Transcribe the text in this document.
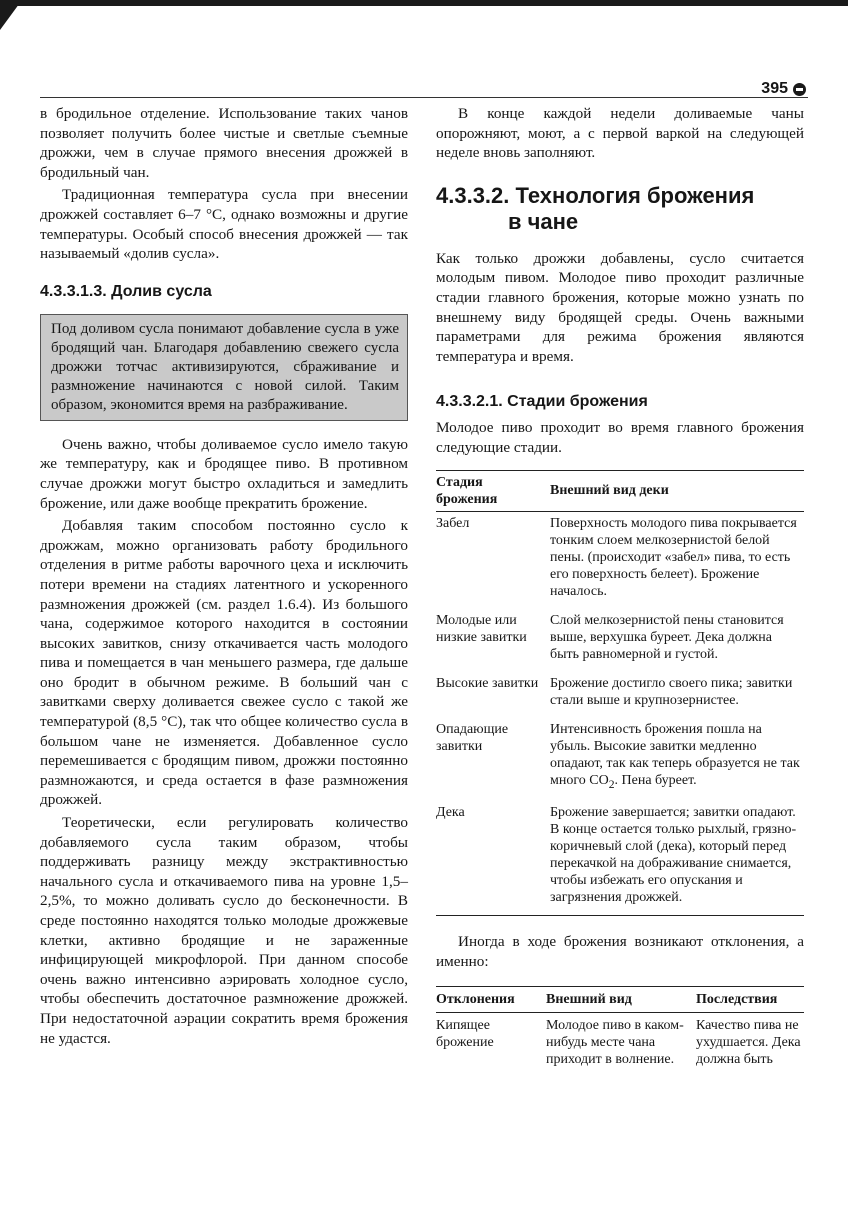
395

в бродильное отделение. Использование таких чанов позволяет получить более чистые и светлые съемные дрожжи, чем в случае прямого внесения дрожжей в бродильный чан.

Традиционная температура сусла при внесении дрожжей составляет 6–7 °С, однако возможны и другие температуры. Особый способ внесения дрожжей — так называемый «долив сусла».

4.3.3.1.3. Долив сусла

Под доливом сусла понимают добавление сусла в уже бродящий чан. Благодаря добавлению свежего сусла дрожжи тотчас активизируются, сбраживание и размножение начинаются с новой силой. Таким образом, экономится время на разбраживание.

Очень важно, чтобы доливаемое сусло имело такую же температуру, как и бродящее пиво. В противном случае дрожжи могут быстро охладиться и замедлить брожение, или даже вообще прекратить брожение.

Добавляя таким способом постоянно сусло к дрожжам, можно организовать работу бродильного отделения в ритме работы варочного цеха и исключить потери времени на стадиях латентного и ускоренного размножения дрожжей (см. раздел 1.6.4). Из большого чана, содержимое которого находится в состоянии высоких завитков, снизу откачивается часть молодого пива и помещается в чан меньшего размера, где дальше оно бродит в обычном режиме. В больший чан с завитками сверху доливается свежее сусло с такой же температурой (8,5 °С), так что общее количество сусла в большом чане не изменяется. Добавленное сусло перемешивается с бродящим пивом, дрожжи постоянно размножаются, и среда остается в фазе размножения дрожжей.

Теоретически, если регулировать количество добавляемого сусла таким образом, чтобы поддерживать разницу между экстрактивностью начального сусла и откачиваемого пива на уровне 1,5–2,5%, то можно доливать сусло до бесконечности. В среде постоянно находятся только молодые дрожжевые клетки, активно бродящие и не зараженные инфицирующей микрофлорой. При данном способе очень важно интенсивно аэрировать холодное сусло, чтобы обеспечить достаточное размножение дрожжей. При недостаточной аэрации сократить время брожения не удастся.

В конце каждой недели доливаемые чаны опорожняют, моют, а с первой варкой на следующей неделе вновь заполняют.

4.3.3.2. Технология брожения
в чане

Как только дрожжи добавлены, сусло считается молодым пивом. Молодое пиво проходит различные стадии главного брожения, которые можно узнать по внешнему виду бродящей среды. Очень важными параметрами для режима брожения являются температура и время.

4.3.3.2.1. Стадии брожения

Молодое пиво проходит во время главного брожения следующие стадии.

Стадия брожения	Внешний вид деки
Забел	Поверхность молодого пива покрывается тонким слоем мелкозернистой белой пены. (происходит «забел» пива, то есть его поверхность белеет). Брожение началось.
Молодые или низкие завитки	Слой мелкозернистой пены становится выше, верхушка буреет. Дека должна быть равномерной и густой.
Высокие завитки	Брожение достигло своего пика; завитки стали выше и крупнозернистее.
Опадающие завитки	Интенсивность брожения пошла на убыль. Высокие завитки медленно опадают, так как теперь образуется не так много $CO_2$. Пена буреет.
Дека	Брожение завершается; завитки опадают. В конце остается только рыхлый, грязно-коричневый слой (дека), который перед перекачкой на дображивание снимается, чтобы избежать его опускания и загрязнения дрожжей.

Иногда в ходе брожения возникают отклонения, а именно:

Отклонения	Внешний вид	Последствия
Кипящее брожение	Молодое пиво в каком-нибудь месте чана приходит в волнение.	Качество пива не ухудшается. Дека должна быть
